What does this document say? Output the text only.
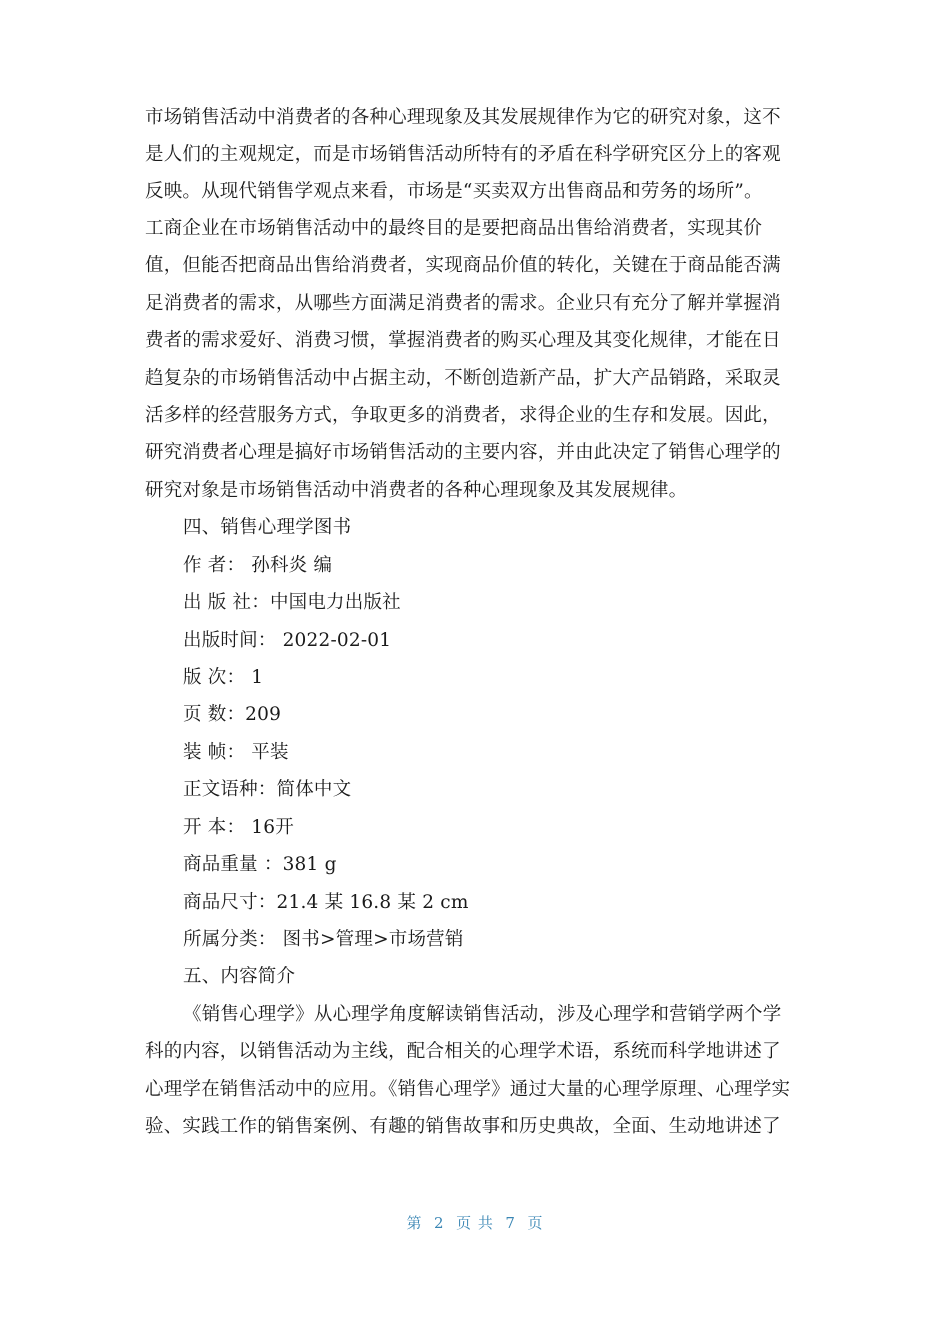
市场销售活动中消费者的各种心理现象及其发展规律作为它的研究对象，这不
是人们的主观规定，而是市场销售活动所特有的矛盾在科学研究区分上的客观
反映。从现代销售学观点来看，市场是“买卖双方出售商品和劳务的场所”。
工商企业在市场销售活动中的最终目的是要把商品出售给消费者，实现其价
值，但能否把商品出售给消费者，实现商品价值的转化，关键在于商品能否满
足消费者的需求，从哪些方面满足消费者的需求。企业只有充分了解并掌握消
费者的需求爱好、消费习惯，掌握消费者的购买心理及其变化规律，才能在日
趋复杂的市场销售活动中占据主动，不断创造新产品，扩大产品销路，采取灵
活多样的经营服务方式，争取更多的消费者，求得企业的生存和发展。因此，
研究消费者心理是搞好市场销售活动的主要内容，并由此决定了销售心理学的
研究对象是市场销售活动中消费者的各种心理现象及其发展规律。
四、销售心理学图书
作 者： 孙科炎 编
出 版 社：中国电力出版社
出版时间： 2022-02-01
版 次： 1
页 数：209
装 帧： 平装
正文语种：简体中文
开 本： 16开
商品重量 ：381 g
商品尺寸：21.4 某 16.8 某 2 cm
所属分类： 图书>管理>市场营销
五、内容简介
《销售心理学》从心理学角度解读销售活动，涉及心理学和营销学两个学
科的内容，以销售活动为主线，配合相关的心理学术语，系统而科学地讲述了
心理学在销售活动中的应用。《销售心理学》通过大量的心理学原理、心理学实
验、实践工作的销售案例、有趣的销售故事和历史典故，全面、生动地讲述了
第  2  页 共  7  页
